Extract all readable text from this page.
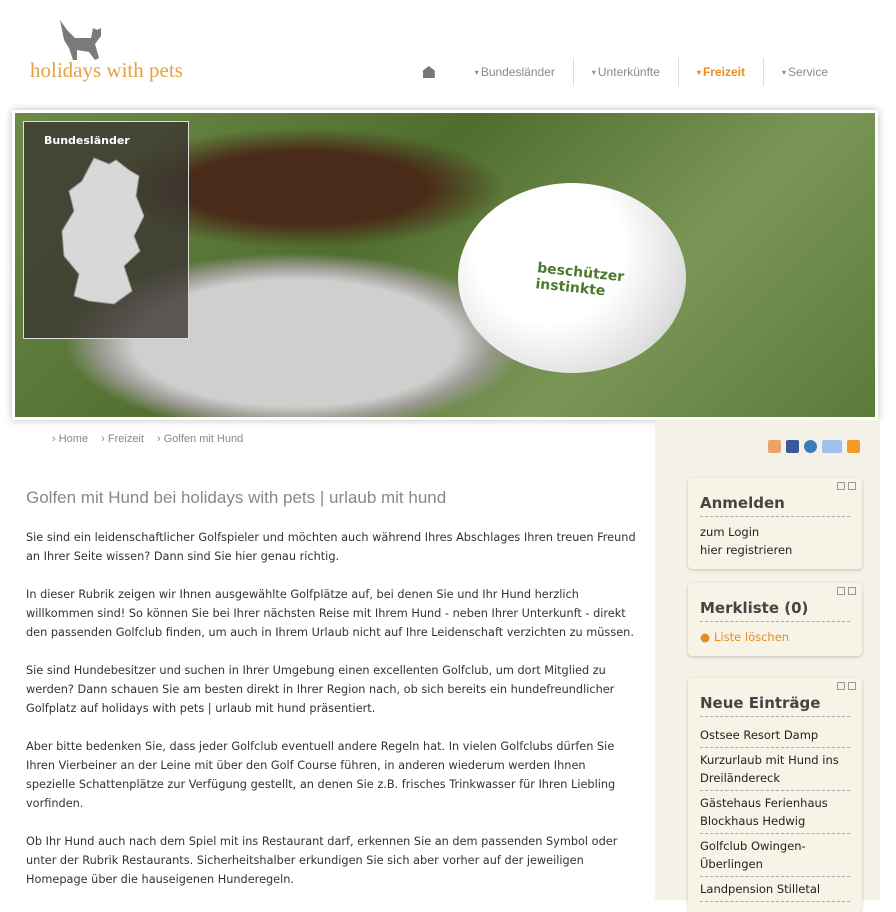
holidays with pets	▾ Bundesländer	▾ Unterkünfte	▾ Freizeit	▾ Service
beschützer instinkte
Bundesländer
› Home › Freizeit › Golfen mit Hund
Golfen mit Hund bei holidays with pets | urlaub mit hund

Sie sind ein leidenschaftlicher Golfspieler und möchten auch während Ihres Abschlages Ihren treuen Freund an Ihrer Seite wissen? Dann sind Sie hier genau richtig.

In dieser Rubrik zeigen wir Ihnen ausgewählte Golfplätze auf, bei denen Sie und Ihr Hund herzlich willkommen sind! So können Sie bei Ihrer nächsten Reise mit Ihrem Hund - neben Ihrer Unterkunft - direkt den passenden Golfclub finden, um auch in Ihrem Urlaub nicht auf Ihre Leidenschaft verzichten zu müssen.

Sie sind Hundebesitzer und suchen in Ihrer Umgebung einen excellenten Golfclub, um dort Mitglied zu werden? Dann schauen Sie am besten direkt in Ihrer Region nach, ob sich bereits ein hundefreundlicher Golfplatz auf holidays with pets | urlaub mit hund präsentiert.

Aber bitte bedenken Sie, dass jeder Golfclub eventuell andere Regeln hat. In vielen Golfclubs dürfen Sie Ihren Vierbeiner an der Leine mit über den Golf Course führen, in anderen wiederum werden Ihnen spezielle Schattenplätze zur Verfügung gestellt, an denen Sie z.B. frisches Trinkwasser für Ihren Liebling vorfinden.

Ob Ihr Hund auch nach dem Spiel mit ins Restaurant darf, erkennen Sie an dem passenden Symbol oder unter der Rubrik Restaurants. Sicherheitshalber erkundigen Sie sich aber vorher auf der jeweiligen Homepage über die hauseigenen Hunderegeln.

Anmelden
zum Login
hier registrieren
Merkliste (0)
● Liste löschen
Neue Einträge
Ostsee Resort Damp
Kurzurlaub mit Hund ins Dreiländereck
Gästehaus Ferienhaus Blockhaus Hedwig
Golfclub Owingen-Überlingen
Landpension Stilletal
